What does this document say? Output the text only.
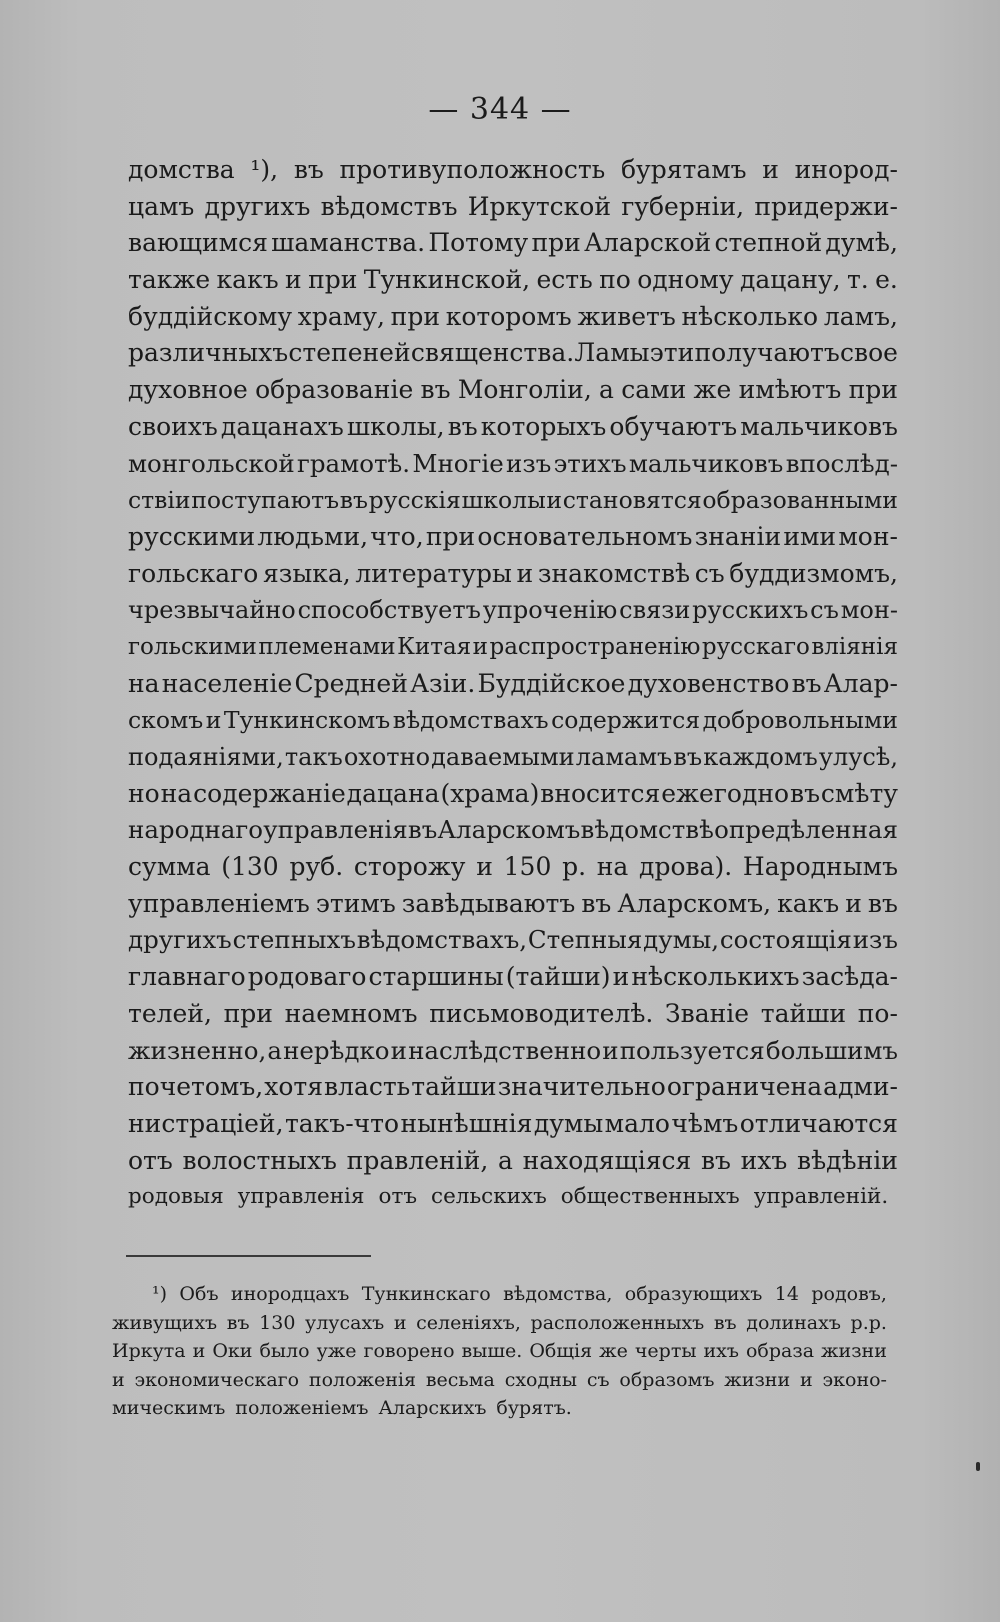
— 344 —
домства ¹), въ противуположность бурятамъ и инород-
цамъ другихъ вѣдомствъ Иркутской губерніи, придержи-
вающимся шаманства. Потому при Аларской степной думѣ,
также какъ и при Тункинской, есть по одному дацану, т. е.
буддійскому храму, при которомъ живетъ нѣсколько ламъ,
различныхъ степеней священства. Ламы эти получаютъ свое
духовное образованіе въ Монголіи, а сами же имѣютъ при
своихъ дацанахъ школы, въ которыхъ обучаютъ мальчиковъ
монгольской грамотѣ. Многіе изъ этихъ мальчиковъ впослѣд-
ствіи поступаютъ въ русскія школы и становятся образованными
русскими людьми, что, при основательномъ знаніи ими мон-
гольскаго языка, литературы и знакомствѣ съ буддизмомъ,
чрезвычайно способствуетъ упроченію связи русскихъ съ мон-
гольскими племенами Китая и распространенію русскаго вліянія
на населеніе Средней Азіи. Буддійское духовенство въ Алар-
скомъ и Тункинскомъ вѣдомствахъ содержится добровольными
подаяніями, такъ охотно даваемыми ламамъ въ каждомъ улусѣ,
но на содержаніе дацана (храма) вносится ежегодно въ смѣту
народнаго управленія въ Аларскомъ вѣдомствѣ опредѣленная
сумма (130 руб. сторожу и 150 р. на дрова). Народнымъ
управленіемъ этимъ завѣдываютъ въ Аларскомъ, какъ и въ
другихъ степныхъ вѣдомствахъ, Степныя думы, состоящія изъ
главнаго родоваго старшины (тайши) и нѣсколькихъ засѣда-
телей, при наемномъ письмоводителѣ. Званіе тайши по-
жизненно, а нерѣдко и наслѣдственно и пользуется большимъ
почетомъ, хотя власть тайши значительно ограничена адми-
нистраціей, такъ-что нынѣшнія думы мало чѣмъ отличаются
отъ волостныхъ правленій, а находящіяся въ ихъ вѣдѣніи
родовыя управленія отъ сельскихъ общественныхъ управленій.
¹) Объ инородцахъ Тункинскаго вѣдомства, образующихъ 14 родовъ,
живущихъ въ 130 улусахъ и селеніяхъ, расположенныхъ въ долинахъ р.р.
Иркута и Оки было уже говорено выше. Общія же черты ихъ образа жизни
и экономическаго положенія весьма сходны съ образомъ жизни и эконо-
мическимъ положеніемъ Аларскихъ бурятъ.
